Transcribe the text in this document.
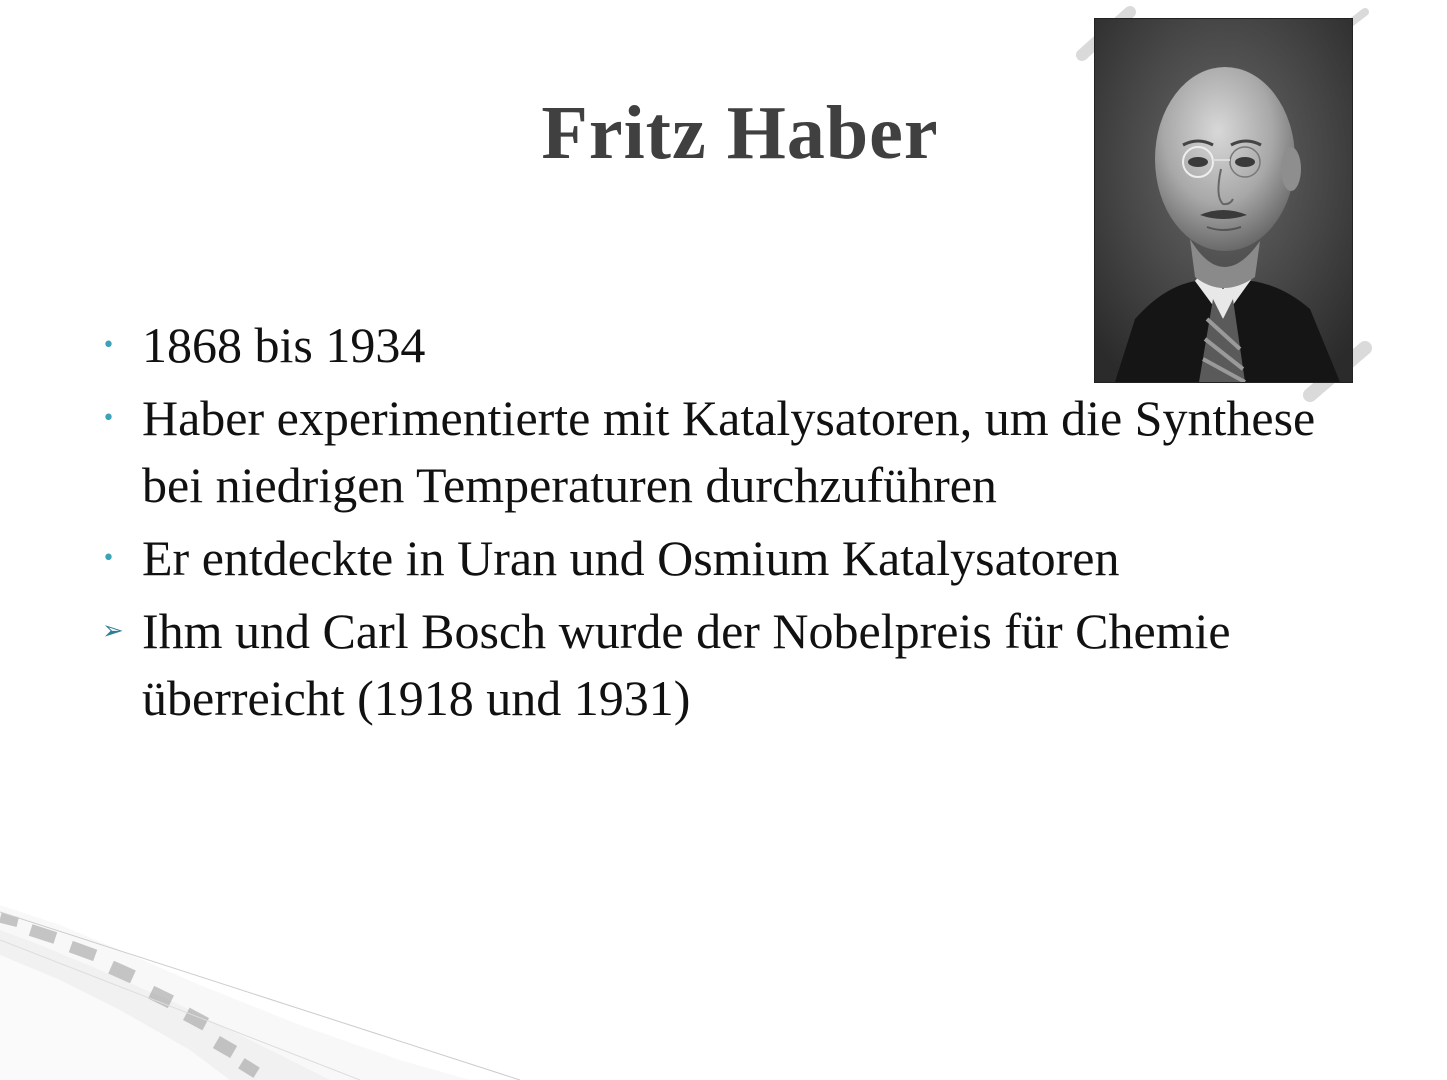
Fritz Haber
• 1868 bis 1934
• Haber experimentierte mit Katalysatoren, um die Synthese bei niedrigen Temperaturen durchzuführen
• Er entdeckte in Uran und Osmium Katalysatoren
➢ Ihm und Carl Bosch wurde der Nobelpreis für Chemie überreicht (1918 und 1931)
